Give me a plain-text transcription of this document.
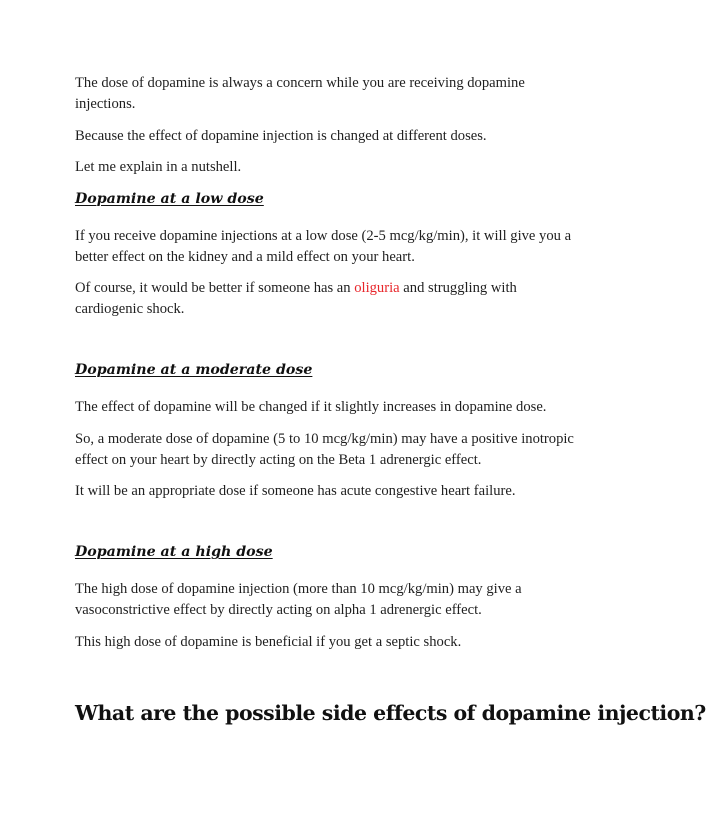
The dose of dopamine is always a concern while you are receiving dopamine injections.

Because the effect of dopamine injection is changed at different doses.

Let me explain in a nutshell.

Dopamine at a low dose

If you receive dopamine injections at a low dose (2-5 mcg/kg/min), it will give you a better effect on the kidney and a mild effect on your heart.

Of course, it would be better if someone has an oliguria and struggling with cardiogenic shock.

Dopamine at a moderate dose

The effect of dopamine will be changed if it slightly increases in dopamine dose.

So, a moderate dose of dopamine (5 to 10 mcg/kg/min) may have a positive inotropic effect on your heart by directly acting on the Beta 1 adrenergic effect.

It will be an appropriate dose if someone has acute congestive heart failure.

Dopamine at a high dose

The high dose of dopamine injection (more than 10 mcg/kg/min) may give a vasoconstrictive effect by directly acting on alpha 1 adrenergic effect.

This high dose of dopamine is beneficial if you get a septic shock.

What are the possible side effects of dopamine injection?
